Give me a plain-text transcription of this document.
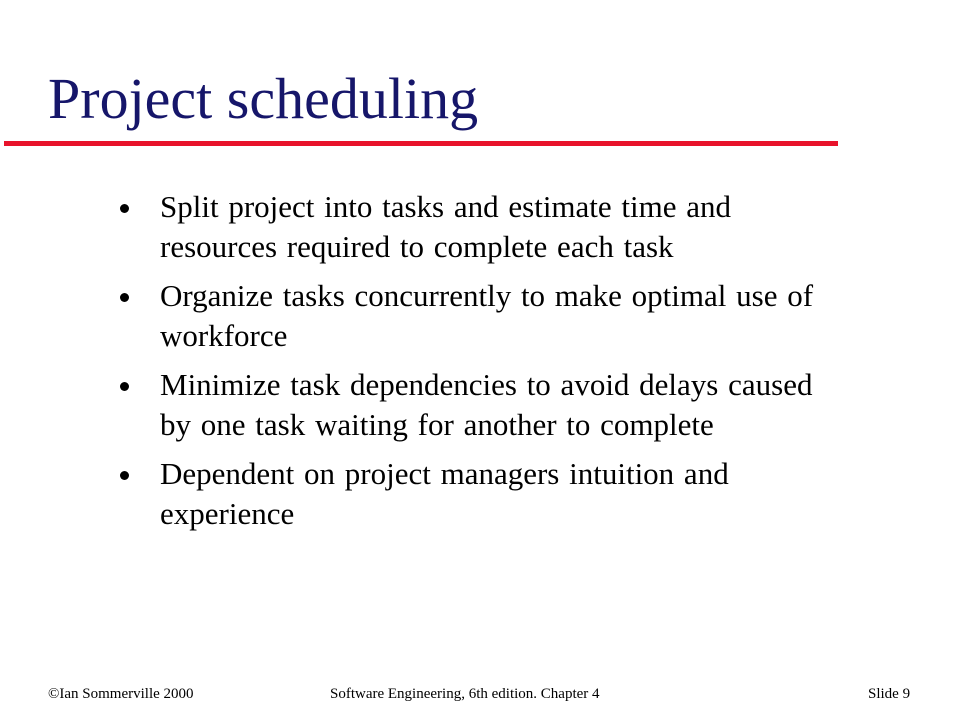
Project scheduling
Split project into tasks and estimate time and resources required to complete each task
Organize tasks concurrently to make optimal use of workforce
Minimize task dependencies to avoid delays caused by one task waiting for another to complete
Dependent on project managers intuition and experience
©Ian Sommerville 2000	Software Engineering, 6th edition. Chapter 4	Slide 9
